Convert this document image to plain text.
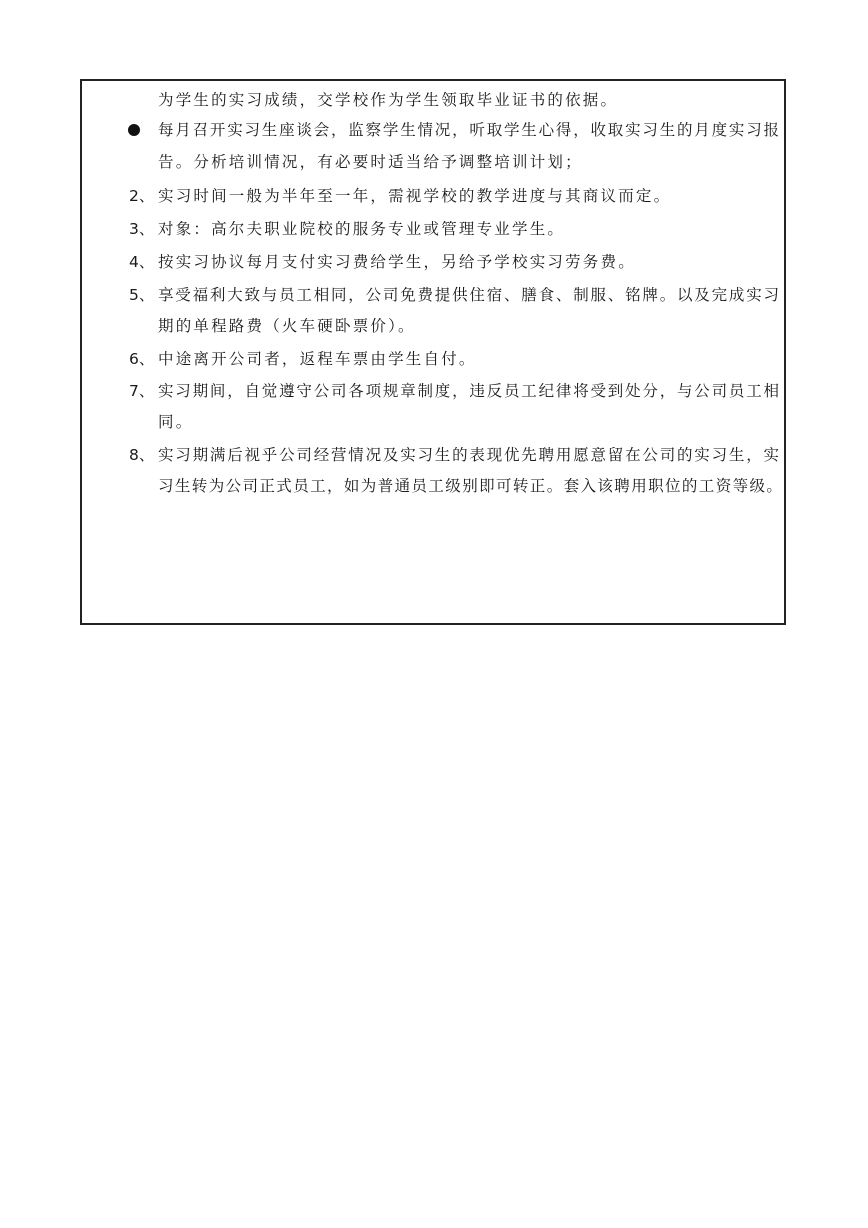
为学生的实习成绩，交学校作为学生领取毕业证书的依据。
每月召开实习生座谈会，监察学生情况，听取学生心得，收取实习生的月度实习报
告。分析培训情况，有必要时适当给予调整培训计划；
2、 实习时间一般为半年至一年，需视学校的教学进度与其商议而定。
3、 对象：高尔夫职业院校的服务专业或管理专业学生。
4、 按实习协议每月支付实习费给学生，另给予学校实习劳务费。
5、 享受福利大致与员工相同，公司免费提供住宿、膳食、制服、铭牌。以及完成实习
期的单程路费（火车硬卧票价）。
6、 中途离开公司者，返程车票由学生自付。
7、 实习期间，自觉遵守公司各项规章制度，违反员工纪律将受到处分，与公司员工相
同。
8、 实习期满后视乎公司经营情况及实习生的表现优先聘用愿意留在公司的实习生，实
习生转为公司正式员工，如为普通员工级别即可转正。套入该聘用职位的工资等级。
